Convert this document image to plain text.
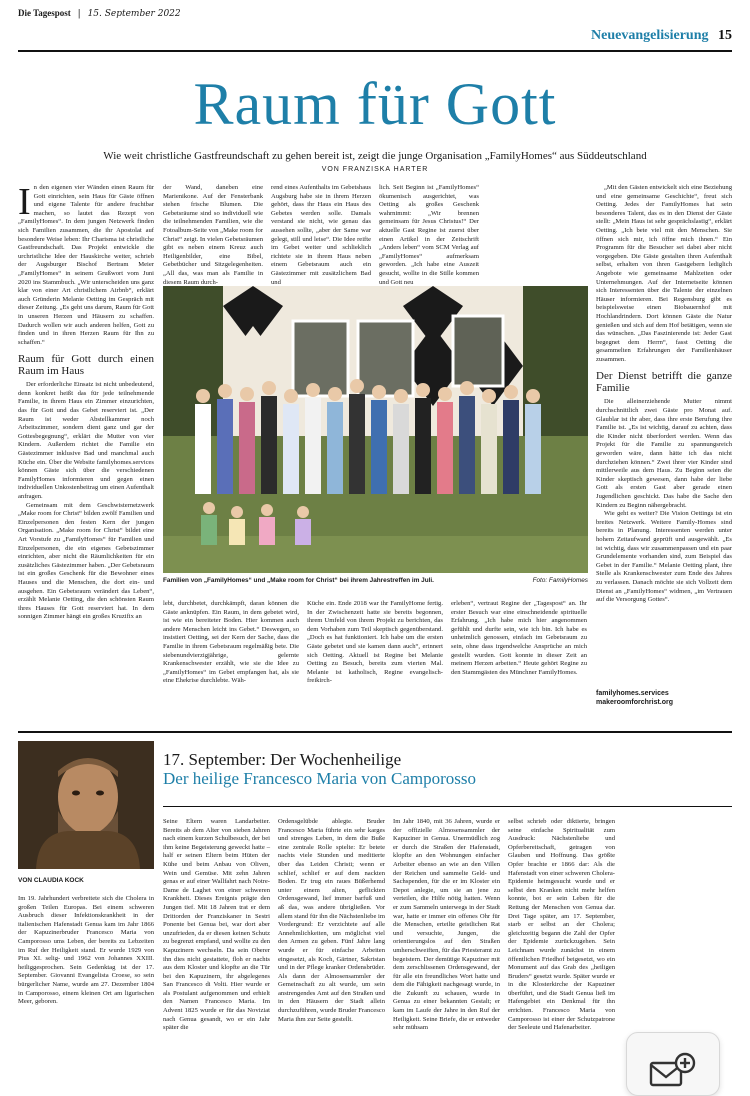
Die Tagespost | 15. September 2022
Neuevangelisierung 15
Raum für Gott
Wie weit christliche Gastfreundschaft zu gehen bereit ist, zeigt die junge Organisation „FamilyHomes“ aus Süddeutschland
VON FRANZISKA HARTER

In den eigenen vier Wänden einen Raum für Gott einrichten, sein Haus für Gäste öffnen und eigene Talente für andere fruchtbar machen, so lautet das Rezept von „FamilyHomes“. In dem jungen Netzwerk finden sich Familien zusammen, die ihr Apostolat auf besondere Weise leben: Ihr Charisma ist christliche Gastfreundschaft. Das Projekt entwickle die urchristliche Idee der Hauskirche weiter, schrieb der Augsburger Bischof Bertram Meier „FamilyHomes“ in seinem Grußwort vom Juni 2020 ins Stammbuch. „Wir unterscheiden uns ganz klar von einer Art christlichem Airbnb“, erklärt auch Gründerin Melanie Oetting im Gespräch mit dieser Zeitung. „Es geht uns darum, Raum für Gott in unseren Herzen und Häusern zu schaffen. Dadurch wollen wir auch anderen helfen, Gott zu finden und in ihren Herzen Raum für Ihn zu schaffen.“

Raum für Gott durch einen Raum im Haus

Der erforderliche Einsatz ist nicht unbedeutend, denn konkret heißt das für jede teilnehmende Familie, in ihrem Haus ein Zimmer einzurichten, das für Gott und das Gebet reserviert ist. „Der Raum ist weder Abstellkammer noch Arbeitszimmer, sondern dient ganz und gar der Gottesbegegnung“, erklärt die Mutter von vier Kindern. Außerdem richtet die Familie ein Gästezimmer inklusive Bad und manchmal auch Küche ein. Über die Website familyhomes.services können Gäste sich über die verschiedenen FamilyHomes informieren und gegen einen individuellen Unkostenbeitrag um einen Aufenthalt anfragen.

Gemeinsam mit dem Geschwisternetzwerk „Make room for Christ“ bilden zwölf Familien und Einzelpersonen den festen Kern der jungen Organisation. „Make room for Christ“ bildet eine Art Vorstufe zu „FamilyHomes“ für Familien und Einzelpersonen, die ein eigenes Gebetszimmer einrichten, aber nicht die Räumlichkeiten für ein zusätzliches Gästezimmer haben. „Der Gebetsraum ist ein großes Geschenk für die Bewohner eines Hauses und die Menschen, die dort ein- und ausgehen. Ein Gebetsraum verändert das Leben“, erzählt Melanie Oetting, die den schönsten Raum ihres Hauses für Gott reserviert hat. In dem sonnigen Zimmer hängt ein großes Kruzifix an

der Wand, daneben eine Marienikone. Auf der Fensterbank stehen frische Blumen. Die Gebetsräume sind so individuell wie die teilnehmenden Familien, wie die Fotoalbum-Seite von „Make room for Christ“ zeigt. In vielen Gebetsräumen gibt es neben einem Kreuz auch Heiligenbilder, eine Bibel, Gebetbücher und Sitzgelegenheiten. „All das, was man als Familie in diesem Raum durch-

rend eines Aufenthalts im Gebetshaus Augsburg habe sie in ihrem Herzen gehört, dass ihr Haus ein Haus des Gebetes werden solle. Damals verstand sie nicht, wie genau das aussehen sollte, „aber der Same war gelegt, still und leise“. Die Idee reifte im Gebet weiter und schlieklich richtete sie in ihrem Haus neben einem Gebetsraum auch ein Gästezimmer mit zusätzlichem Bad und

lich. Seit Beginn ist „FamilyHomes“ ökumenisch ausgerichtet, was Oetting als großes Geschenk wahrnimmt: „Wir brennen gemeinsam für Jesus Christus!“ Der aktuelle Gast Regine ist zuerst über einen Artikel in der Zeitschrift „Anders leben“ vom SCM Verlag auf „FamilyHomes“ aufmerksam geworden. „Ich habe eine Auszeit gesucht, wollte in die Stille kommen und Gott neu

„Mit den Gästen entwickelt sich eine Beziehung und eine gemeinsame Geschichte“, freut sich Oetting. Jedes der FamilyHomes hat sein besonderes Talent, das es in den Dienst der Gäste stellt: „Mein Haus ist sehr gesprächslastig“, erklärt Oetting. „Ich bete viel mit den Menschen. Sie öffnen sich mir, ich öffne mich ihnen.“ Ein Programm für die Besucher sei dabei aber nicht vorgegeben. Die Gäste gestalten ihren Aufenthalt selbst, erhalten von ihren Gastgebern lediglich Angebote wie gemeinsame Mahlzeiten oder Unternehmungen. Auf der Internetseite können sich Interessenten über die Talente der einzelnen Häuser informieren. Bei Regensburg gibt es beispielsweise einen Biobauernhof mit Hochlandrindern. Dort können Gäste die Natur genießen und sich auf dem Hof betätigen, wenn sie das wünschen. „Das Faszinierende ist: Jeder Gast begegnet dem Herrn“, fasst Oetting die gesammelten Erfahrungen der Familienhäuser zusammen.

Der Dienst betrifft die ganze Familie

Die alleinerziehende Mutter nimmt durchschnittlich zwei Gäste pro Monat auf. Glaublar ist ihr aber, dass ihre erste Berufung ihre Familie ist. „Es ist wichtig, darauf zu achten, dass die Kinder nicht überfordert werden. Wenn das Projekt für die Familie zu spannungsreich geworden wäre, dann hätte ich das nicht durchziehen können.“ Zwei ihrer vier Kinder sind mittlerweile aus dem Haus. Zu Beginn seien die Kinder skeptisch gewesen, dann habe der liebe Gott als ersten Gast aber gerade einen Jugendlichen geschickt. Das habe die Sache den Kindern zu Beginn nähergebracht.

Wie geht es weiter? Die Vision Oettings ist ein breites Netzwerk. Weitere Family-Homes sind bereits in Planung. Interessenten werden unter hohem Zeitaufwand geprüft und ausgewählt. „Es ist wichtig, dass wir zusammenpassen und ein paar Grundelemente vorhanden sind, zum Beispiel das Gebet in der Familie.“ Melanie Oetting plant, ihre Stelle als Krankenschwester zum Ende des Jahres zu verlassen. Danach möchte sie sich Vollzeit dem Dienst an „FamilyHomes“ widmen, „im Vertrauen auf die Versorgung Gottes“.

familyhomes.services
makeroomforchrist.org
Familien von „FamilyHomes“ und „Make room for Christ“ bei ihrem Jahrestreffen im Juli.	Foto: FamilyHomes

lebt, durchbetet, durchkämpft, daran können die Gäste anknüpfen. Ein Raum, in dem gebetet wird, ist wie ein bereiteter Boden. Hier kommen auch andere Menschen leicht ins Gebet.“ Deswegen, so insistiert Oetting, sei der Kern der Sache, dass die Familie in ihrem Gebetsraum regelmäßig bete. Die siebenundvierzigjährige, gelernte Krankenschwester erzählt, wie sie die Idee zu „FamilyHomes“ im Gebet empfangen hat, als sie eine Ehekrise durchlebte. Wäh-

Küche ein. Ende 2018 war ihr FamilyHome fertig. In der Zwischenzeit hatte sie bereits begonnen, ihrem Umfeld von ihrem Projekt zu berichten, das dem Vorhaben zum Teil skeptisch gegenüberstand. „Doch es hat funktioniert. Ich habe um die ersten Gäste gebetet und sie kamen dann auch“, erinnert sich Oetting. Aktuell ist Regine bei Melanie Oetting zu Besuch, bereits zum vierten Mal. Melanie ist katholisch, Regine evangelisch-freikirch-

erleben“, vertraut Regine der „Tagespost“ an. Ihr erster Besuch war eine einschneidende spirituelle Erfahrung. „Ich habe mich hier angenommen gefühlt und durfte sein, wie ich bin. Ich habe es unheimlich genossen, einfach im Gebetsraum zu sein, ohne dass irgendwelche Ansprüche an mich gestellt wurden. Gott konnte in dieser Zeit an meinem Herzen arbeiten.“ Heute gehört Regine zu den Stammgästen des Münchner FamilyHomes.

VON CLAUDIA KOCK
17. September: Der Wochenheilige
Der heilige Francesco Maria von Camporosso

Im 19. Jahrhundert verbreitete sich die Cholera in großen Teilen Europas. Bei einem schweren Ausbruch dieser Infektionskrankheit in der italienischen Hafenstadt Genua kam im Jahr 1866 der Kapuzinerbruder Francesco Maria von Camporosso ums Leben, der bereits zu Lebzeiten im Ruf der Heiligkeit stand. Er wurde 1929 von Pius XI. selig- und 1962 von Johannes XXIII. heiliggesprochen. Sein Gedenktag ist der 17. September. Giovanni Evangelista Croese, so sein bürgerlicher Name, wurde am 27. Dezember 1804 in Camporosso, einem kleinen Ort am ligurischen Meer, geboren.

Seine Eltern waren Landarbeiter. Bereits ab dem Alter von sieben Jahren nach einem kurzen Schulbesuch, der bei ihm keine Begeisterung geweckt hatte – half er seinen Eltern beim Hüten der Kühe und beim Anbau von Oliven, Wein und Gemüse. Mit zehn Jahren genas er auf einer Wallfahrt nach Notre-Dame de Laghet von einer schweren Krankheit. Dieses Ereignis prägte den Jungen tief. Mit 18 Jahren trat er dem Drittorden der Franziskaner in Sestri Ponente bei Genua bei, war dort aber unzufrieden, da er diesen keinen Schutz zu begrenzt empfand, und wollte zu den Kapuzinern wechseln. Da sein Oberer ihn dies nicht gestattete, floh er nachts aus dem Kloster und klopfte an die Tür bei den Kapuzinern, ihr abgelegenes San Francesco di Volti. Hier wurde er als Postulant aufgenommen und erhielt den Namen Francesco Maria. Im Advent 1825 wurde er für das Noviziat nach Genua gesandt, wo er ein Jahr später die

Ordensgelübde ablegte. Bruder Francesco Maria führte ein sehr karges und strenges Leben, in dem die Buße eine zentrale Rolle spielte: Er betete nachts viele Stunden und meditierte über das Leiden Christi; wenn er schlief, schlief er auf dem nackten Boden. Er trug ein raues Büßerhemd unter einem alten, geflickten Ordensgewand, lief immer barfuß und aß das, was andere übrigließen. Vor allem stand für ihn die Nächstenliebe im Vordergrund: Er verzichtete auf alle Annehmlichkeiten, um möglichst viel den Armen zu geben. Fünf Jahre lang wurde er für einfache Arbeiten eingesetzt, als Koch, Gärtner, Sakristan und in der Pflege kranker Ordensbrüder. Als dann der Almosensammler der Gemeinschaft zu alt wurde, um sein anstrengendes Amt auf den Straßen und in den Häusern der Stadt allein durchzuführen, wurde Bruder Francesco Maria ihm zur Seite gestellt.

Im Jahr 1840, mit 36 Jahren, wurde er der offizielle Almosensammler der Kapuziner in Genua. Unermüdlich zog er durch die Straßen der Hafenstadt, klopfte an den Wohnungen einfacher Arbeiter ebenso an wie an den Villen der Reichen und sammelte Geld- und Sachspenden, für die er im Kloster ein Depot anlegte, um sie an jene zu verteilen, die Hilfe nötig hatten. Wenn er zum Sammeln unterwegs in der Stadt war, hatte er immer ein offenes Ohr für die Menschen, erteilte geistlichen Rat und versuchte, Jungen, die orientierungslos auf den Straßen umherschweiften, für das Priesteramt zu begeistern. Der demütige Kapuziner mit dem zerschlissenen Ordensgewand, der für alle ein freundliches Wort hatte und dem die Fähigkeit nachgesagt wurde, in die Zukunft zu schauen, wurde in Genua zu einer bekannten Gestalt; er kam im Laufe der Jahre in den Ruf der Heiligkeit. Seine Briefe, die er entweder sehr mühsam

selbst schrieb oder diktierte, bringen seine einfache Spiritualität zum Ausdruck: Nächstenliebe und Opferbereitschaft, getragen von Glauben und Hoffnung. Das größte Opfer brachte er 1866 dar: Als die Hafenstadt von einer schweren Cholera-Epidemie heimgesucht wurde und er selbst den Kranken nicht mehr helfen konnte, bot er sein Leben für die Rettung der Menschen von Genua dar. Drei Tage später, am 17. September, starb er selbst an der Cholera; gleichzeitig begann die Zahl der Opfer der Epidemie zurückzugehen. Sein Leichnam wurde zunächst in einem öffentlichen Friedhof beigesetzt, wo ein Monument auf das Grab des „heiligen Bruders“ gesetzt wurde. Später wurde er in die Klosterkirche der Kapuziner überführt, und die Stadt Genua ließ im Hafengebiet ein Denkmal für ihn errichten. Francesco Maria von Camporosso ist einer der Schutzpatrone der Seeleute und Hafenarbeiter.
